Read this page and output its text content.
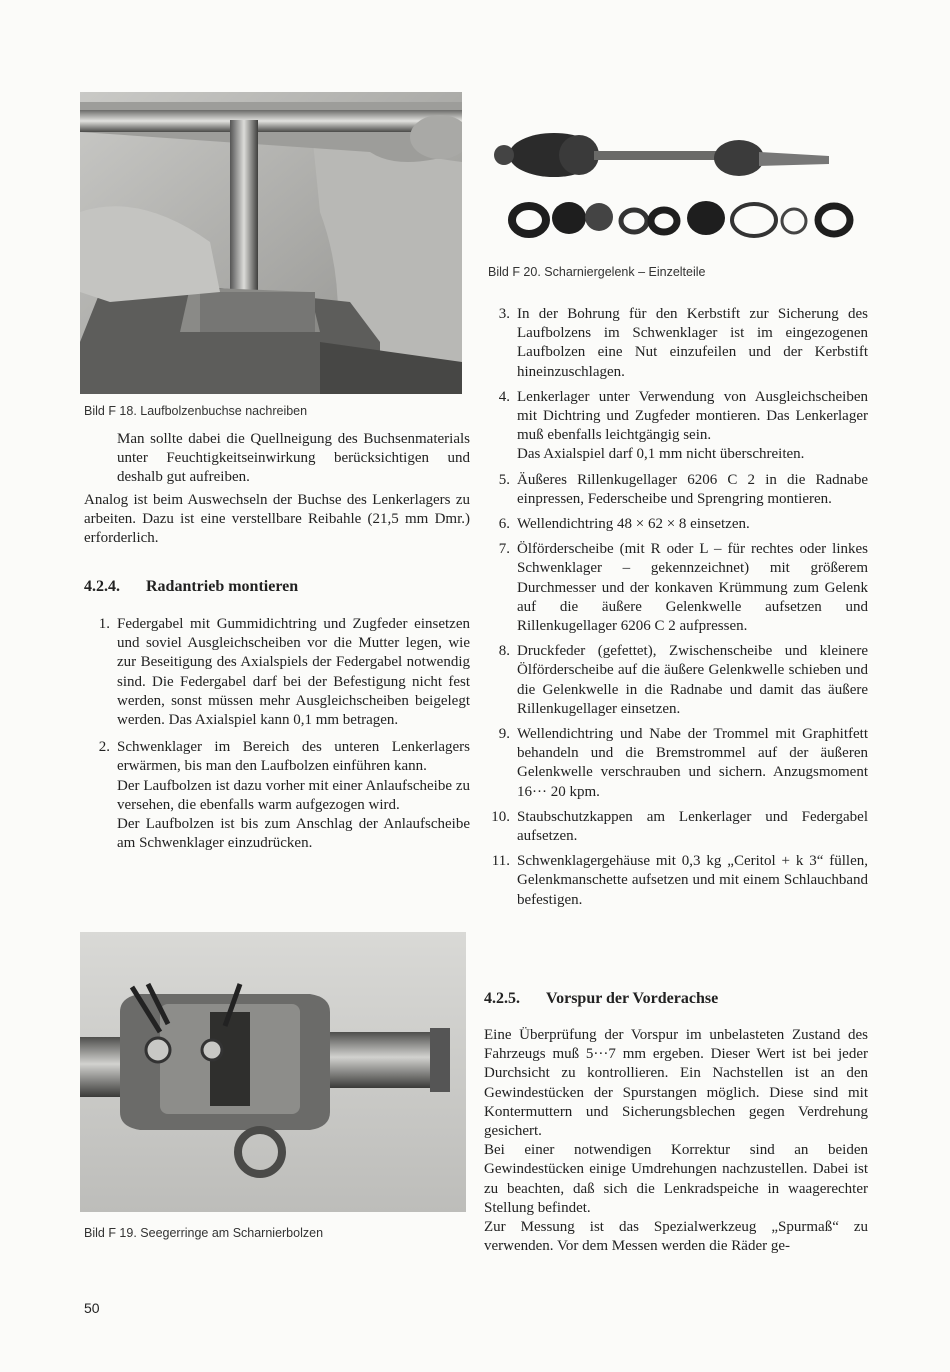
Bild F 18. Laufbolzenbuchse nachreiben
Bild F 20. Scharniergelenk – Einzelteile

Man sollte dabei die Quellneigung des Buchsenmaterials unter Feuchtigkeitseinwirkung berücksichtigen und deshalb gut aufreiben.

Analog ist beim Auswechseln der Buchse des Lenkerlagers zu arbeiten. Dazu ist eine verstellbare Reibahle (21,5 mm Dmr.) erforderlich.

4.2.4. Radantrieb montieren
1. Federgabel mit Gummidichtring und Zugfeder einsetzen und soviel Ausgleichscheiben vor die Mutter legen, wie zur Beseitigung des Axialspiels der Federgabel notwendig sind. Die Federgabel darf bei der Befestigung nicht fest werden, sonst müssen mehr Ausgleichscheiben beigelegt werden. Das Axialspiel kann 0,1 mm betragen.

2. Schwenklager im Bereich des unteren Lenkerlagers erwärmen, bis man den Laufbolzen einführen kann.

Der Laufbolzen ist dazu vorher mit einer Anlaufscheibe zu versehen, die ebenfalls warm aufgezogen wird.

Der Laufbolzen ist bis zum Anschlag der Anlaufscheibe am Schwenklager einzudrücken.

Bild F 19. Seegerringe am Scharnierbolzen
3. In der Bohrung für den Kerbstift zur Sicherung des Laufbolzens im Schwenklager ist im eingezogenen Laufbolzen eine Nut einzufeilen und der Kerbstift hineinzuschlagen.

4. Lenkerlager unter Verwendung von Ausgleichscheiben mit Dichtring und Zugfeder montieren. Das Lenkerlager muß ebenfalls leichtgängig sein.

Das Axialspiel darf 0,1 mm nicht überschreiten.

5. Äußeres Rillenkugellager 6206 C 2 in die Radnabe einpressen, Federscheibe und Sprengring montieren.

6. Wellendichtring 48 × 62 × 8 einsetzen.

7. Ölförderscheibe (mit R oder L – für rechtes oder linkes Schwenklager – gekennzeichnet) mit größerem Durchmesser und der konkaven Krümmung zum Gelenk auf die äußere Gelenkwelle aufsetzen und Rillenkugellager 6206 C 2 aufpressen.

8. Druckfeder (gefettet), Zwischenscheibe und kleinere Ölförderscheibe auf die äußere Gelenkwelle schieben und die Gelenkwelle in die Radnabe und damit das äußere Rillenkugellager einsetzen.

9. Wellendichtring und Nabe der Trommel mit Graphitfett behandeln und die Bremstrommel auf der äußeren Gelenkwelle verschrauben und sichern. Anzugsmoment 16··· 20 kpm.

10. Staubschutzkappen am Lenkerlager und Federgabel aufsetzen.

11. Schwenklagergehäuse mit 0,3 kg „Ceritol + k 3“ füllen, Gelenkmanschette aufsetzen und mit einem Schlauchband befestigen.

4.2.5. Vorspur der Vorderachse

Eine Überprüfung der Vorspur im unbelasteten Zustand des Fahrzeugs muß 5···7 mm ergeben. Dieser Wert ist bei jeder Durchsicht zu kontrollieren. Ein Nachstellen ist an den Gewindestücken der Spurstangen möglich. Diese sind mit Kontermuttern und Sicherungsblechen gegen Verdrehung gesichert.

Bei einer notwendigen Korrektur sind an beiden Gewindestücken einige Umdrehungen nachzustellen. Dabei ist zu beachten, daß sich die Lenkradspeiche in waagerechter Stellung befindet.

Zur Messung ist das Spezialwerkzeug „Spurmaß“ zu verwenden. Vor dem Messen werden die Räder ge-

50
